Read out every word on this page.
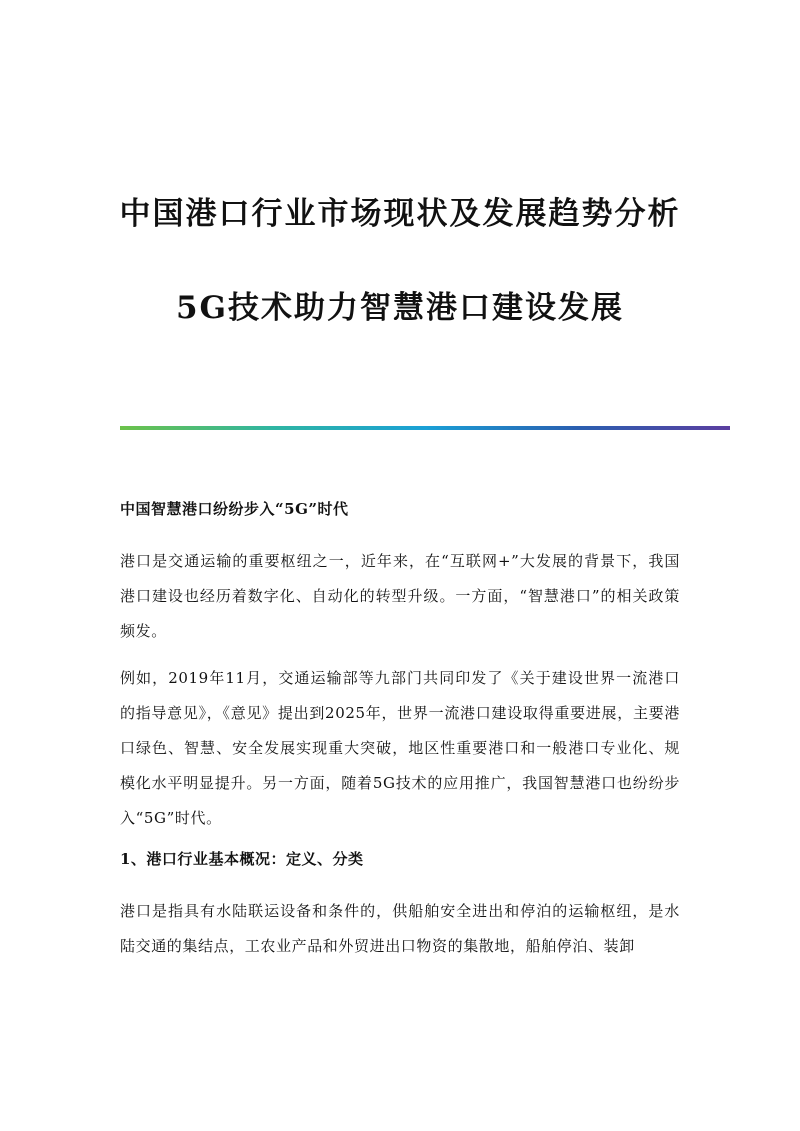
中国港口行业市场现状及发展趋势分析
5G技术助力智慧港口建设发展

中国智慧港口纷纷步入“5G”时代

港口是交通运输的重要枢纽之一，近年来，在“互联网+”大发展的背景下，我国港口建设也经历着数字化、自动化的转型升级。一方面，“智慧港口”的相关政策频发。

例如，2019年11月，交通运输部等九部门共同印发了《关于建设世界一流港口的指导意见》，《意见》提出到2025年，世界一流港口建设取得重要进展，主要港口绿色、智慧、安全发展实现重大突破，地区性重要港口和一般港口专业化、规模化水平明显提升。另一方面，随着5G技术的应用推广，我国智慧港口也纷纷步入“5G”时代。

1、港口行业基本概况：定义、分类

港口是指具有水陆联运设备和条件的，供船舶安全进出和停泊的运输枢纽，是水陆交通的集结点，工农业产品和外贸进出口物资的集散地，船舶停泊、装卸
